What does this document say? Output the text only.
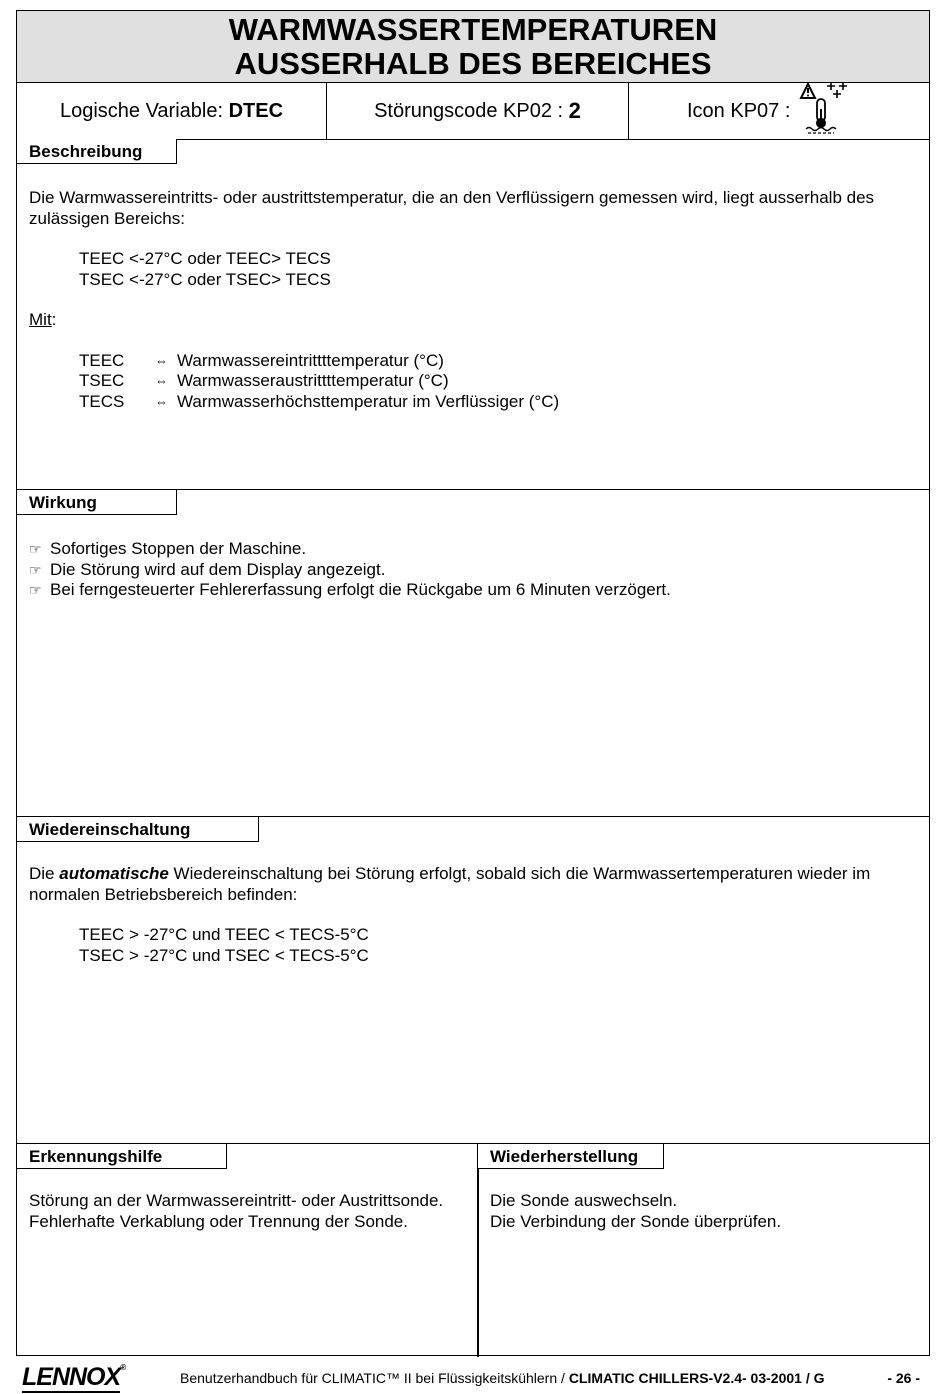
WARMWASSERTEMPERATUREN
AUSSERHALB DES BEREICHES
Logische Variable: DTEC	Störungscode KP02 : 2	Icon KP07 :
Beschreibung
Die Warmwassereintritts- oder austrittstemperatur, die an den Verflüssigern gemessen wird, liegt ausserhalb des zulässigen Bereichs:
TEEC <-27°C oder TEEC> TECS
TSEC <-27°C oder TSEC> TECS
Mit:
TEEC	⇔ Warmwassereintrittttemperatur (°C)
TSEC	⇔ Warmwasseraustrittttemperatur (°C)
TECS	⇔ Warmwasserhöchsttemperatur im Verflüssiger (°C)
Wirkung
☞ Sofortiges Stoppen der Maschine.
☞ Die Störung wird auf dem Display angezeigt.
☞ Bei ferngesteuerter Fehlererfassung erfolgt die Rückgabe um 6 Minuten verzögert.
Wiedereinschaltung
Die automatische Wiedereinschaltung bei Störung erfolgt, sobald sich die Warmwassertemperaturen wieder im normalen Betriebsbereich befinden:
TEEC > -27°C und TEEC < TECS-5°C
TSEC > -27°C und TSEC < TECS-5°C
Erkennungshilfe
Störung an der Warmwassereintritt- oder Austrittsonde.
Fehlerhafte Verkablung oder Trennung der Sonde.
Wiederherstellung
Die Sonde auswechseln.
Die Verbindung der Sonde überprüfen.
LENNOX®
Benutzerhandbuch für CLIMATIC™ II bei Flüssigkeitskühlern / CLIMATIC CHILLERS-V2.4- 03-2001 / G	- 26 -
